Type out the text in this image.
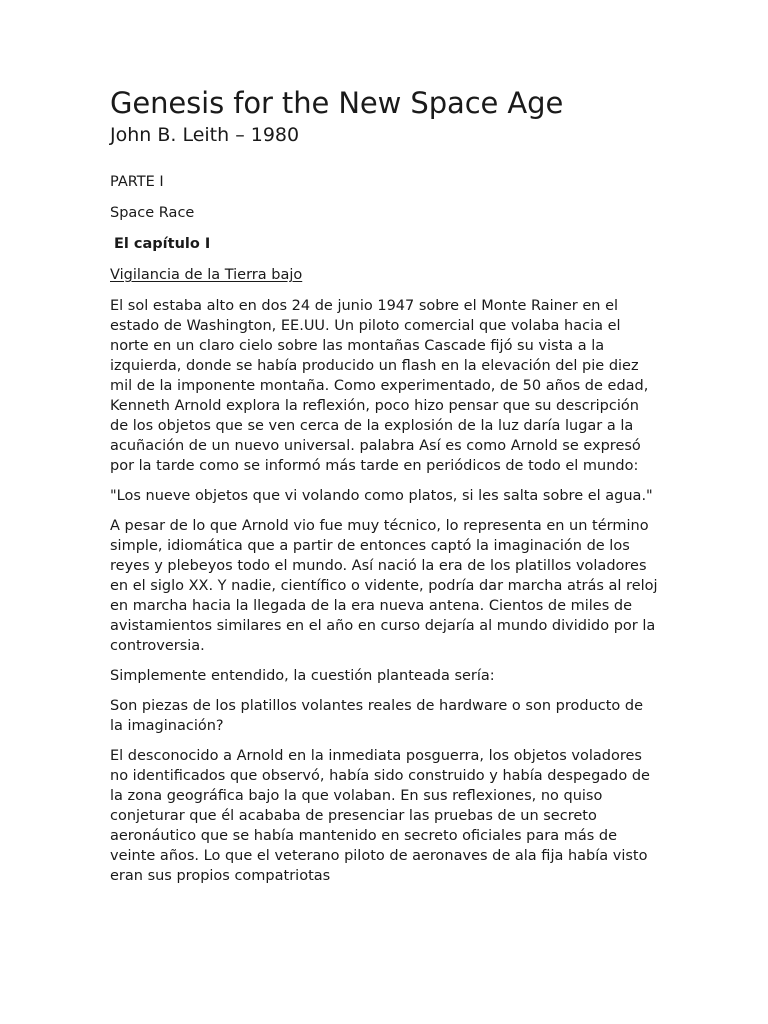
Genesis for the New Space Age
John B. Leith – 1980

PARTE I

Space Race

El capítulo I

Vigilancia de la Tierra bajo

El sol estaba alto en dos 24 de junio 1947 sobre el Monte Rainer en el estado de Washington, EE.UU. Un piloto comercial que volaba hacia el norte en un claro cielo sobre las montañas Cascade fijó su vista a la izquierda, donde se había producido un flash en la elevación del pie diez mil de la imponente montaña. Como experimentado, de 50 años de edad, Kenneth Arnold explora la reflexión, poco hizo pensar que su descripción de los objetos que se ven cerca de la explosión de la luz daría lugar a la acuñación de un nuevo universal. palabra Así es como Arnold se expresó por la tarde como se informó más tarde en periódicos de todo el mundo:

"Los nueve objetos que vi volando como platos, si les salta sobre el agua."

A pesar de lo que Arnold vio fue muy técnico, lo representa en un término simple, idiomática que a partir de entonces captó la imaginación de los reyes y plebeyos todo el mundo. Así nació la era de los platillos voladores en el siglo XX. Y nadie, científico o vidente, podría dar marcha atrás al reloj en marcha hacia la llegada de la era nueva antena. Cientos de miles de avistamientos similares en el año en curso dejaría al mundo dividido por la controversia.

Simplemente entendido, la cuestión planteada sería:

Son piezas de los platillos volantes reales de hardware o son producto de la imaginación?

El desconocido a Arnold en la inmediata posguerra, los objetos voladores no identificados que observó, había sido construido y había despegado de la zona geográfica bajo la que volaban. En sus reflexiones, no quiso conjeturar que él acababa de presenciar las pruebas de un secreto aeronáutico que se había mantenido en secreto oficiales para más de veinte años. Lo que el veterano piloto de aeronaves de ala fija había visto eran sus propios compatriotas
